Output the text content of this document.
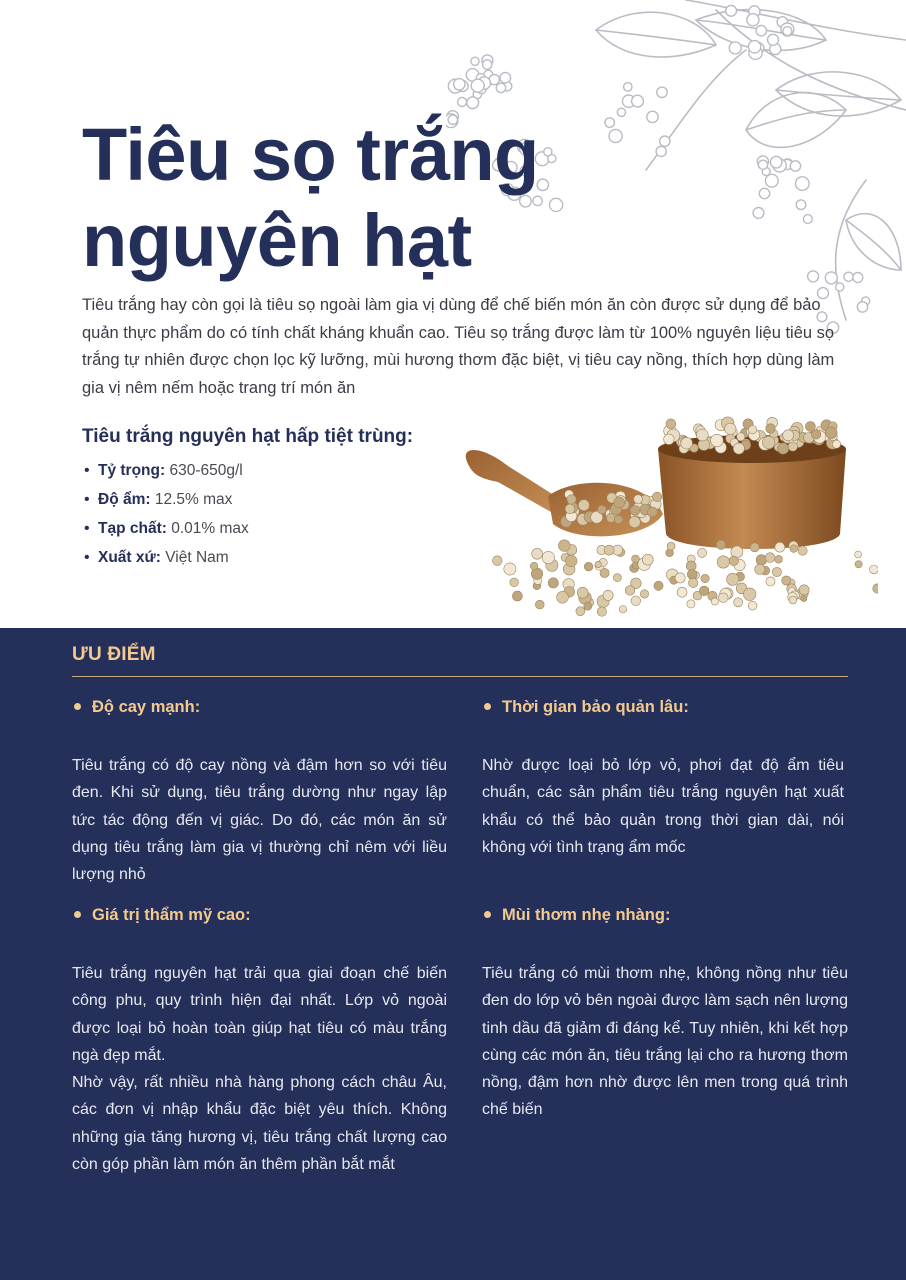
Tiêu sọ trắng
nguyên hạt

Tiêu trắng hay còn gọi là tiêu sọ ngoài làm gia vị dùng để chế biến món ăn còn được sử dụng để bảo quản thực phẩm do có tính chất kháng khuẩn cao. Tiêu sọ trắng được làm từ 100% nguyên liệu tiêu sọ trắng tự nhiên được chọn lọc kỹ lưỡng, mùi hương thơm đặc biệt, vị tiêu cay nồng, thích hợp dùng làm gia vị nêm nếm hoặc trang trí món ăn

Tiêu trắng nguyên hạt hấp tiệt trùng:
• Tỷ trọng: 630-650g/l
• Độ ẩm: 12.5% max
• Tạp chất: 0.01% max
• Xuất xứ: Việt Nam
ƯU ĐIỂM
Độ cay mạnh:

Tiêu trắng có độ cay nồng và đậm hơn so với tiêu đen. Khi sử dụng, tiêu trắng dường như ngay lập tức tác động đến vị giác. Do đó, các món ăn sử dụng tiêu trắng làm gia vị thường chỉ nêm với liều lượng nhỏ

Thời gian bảo quản lâu:

Nhờ được loại bỏ lớp vỏ, phơi đạt độ ẩm tiêu chuẩn, các sản phẩm tiêu trắng nguyên hạt xuất khẩu có thể bảo quản trong thời gian dài, nói không với tình trạng ẩm mốc

Giá trị thẩm mỹ cao:

Tiêu trắng nguyên hạt trải qua giai đoạn chế biến công phu, quy trình hiện đại nhất. Lớp vỏ ngoài được loại bỏ hoàn toàn giúp hạt tiêu có màu trắng ngà đẹp mắt.

Nhờ vậy, rất nhiều nhà hàng phong cách châu Âu, các đơn vị nhập khẩu đặc biệt yêu thích. Không những gia tăng hương vị, tiêu trắng chất lượng cao còn góp phần làm món ăn thêm phần bắt mắt

Mùi thơm nhẹ nhàng:

Tiêu trắng có mùi thơm nhẹ, không nồng như tiêu đen do lớp vỏ bên ngoài được làm sạch nên lượng tinh dầu đã giảm đi đáng kể. Tuy nhiên, khi kết hợp cùng các món ăn, tiêu trắng lại cho ra hương thơm nồng, đậm hơn nhờ được lên men trong quá trình chế biến
